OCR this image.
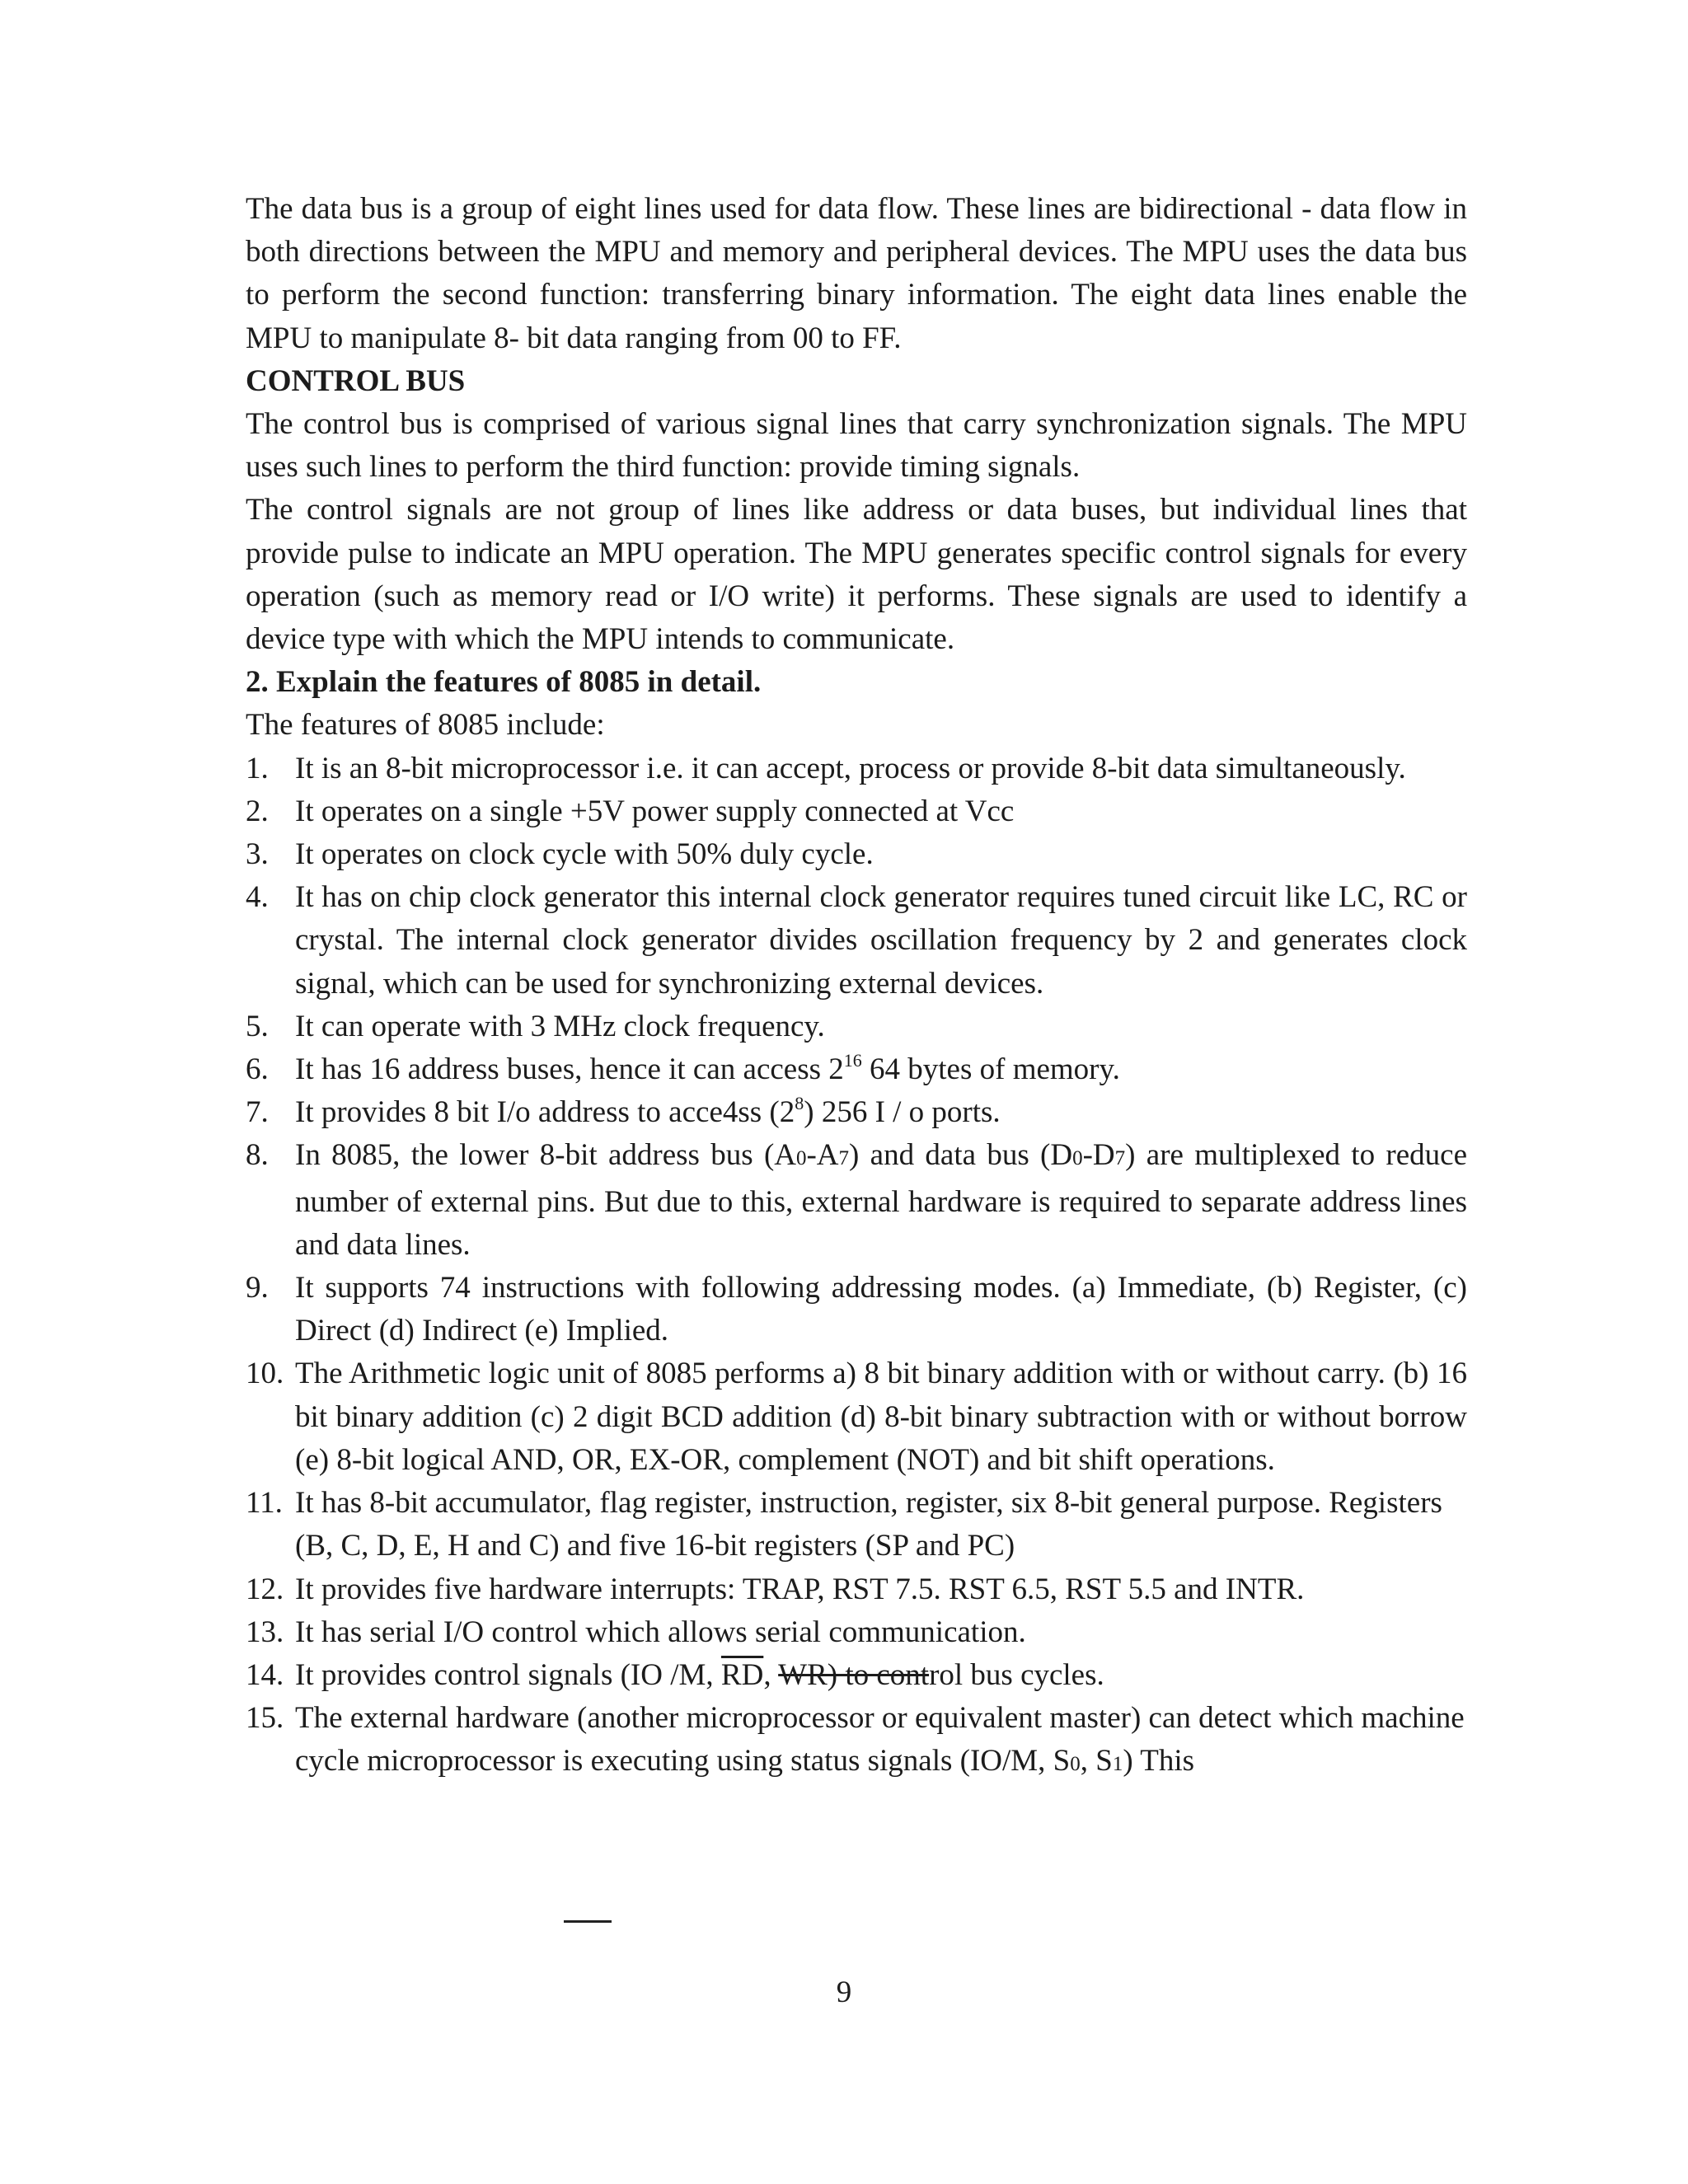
The data bus is a group of eight lines used for data flow. These lines are bidirectional - data flow in both directions between the MPU and memory and peripheral devices. The MPU uses the data bus to perform the second function: transferring binary information. The eight data lines enable the MPU to manipulate 8- bit data ranging from 00 to FF.

CONTROL BUS

The control bus is comprised of various signal lines that carry synchronization signals. The MPU uses such lines to perform the third function: provide timing signals.

The control signals are not group of lines like address or data buses, but individual lines that provide pulse to indicate an MPU operation. The MPU generates specific control signals for every operation (such as memory read or I/O write) it performs. These signals are used to identify a device type with which the MPU intends to communicate.

2. Explain the features of 8085 in detail.

The features of 8085 include:

1. It is an 8-bit microprocessor i.e. it can accept, process or provide 8-bit data simultaneously.
2. It operates on a single +5V power supply connected at Vcc
3. It operates on clock cycle with 50% duly cycle.
4. It has on chip clock generator this internal clock generator requires tuned circuit like LC, RC or crystal. The internal clock generator divides oscillation frequency by 2 and generates clock signal, which can be used for synchronizing external devices.
5. It can operate with 3 MHz clock frequency.
6. It has 16 address buses, hence it can access $2^{16}$ 64 bytes of memory.
7. It provides 8 bit I/o address to acce4ss $(2^8)$ 256 I / o ports.
8. In 8085, the lower 8-bit address bus (A0-A7) and data bus (D0-D7) are multiplexed to reduce number of external pins. But due to this, external hardware is required to separate address lines and data lines.
9. It supports 74 instructions with following addressing modes. (a) Immediate, (b) Register, (c) Direct (d) Indirect (e) Implied.
10. The Arithmetic logic unit of 8085 performs a) 8 bit binary addition with or without carry. (b) 16 bit binary addition (c) 2 digit BCD addition (d) 8-bit binary subtraction with or without borrow (e) 8-bit logical AND, OR, EX-OR, complement (NOT) and bit shift operations.
11. It has 8-bit accumulator, flag register, instruction, register, six 8-bit general purpose. Registers (B, C, D, E, H and C) and five 16-bit registers (SP and PC)
12. It provides five hardware interrupts: TRAP, RST 7.5. RST 6.5, RST 5.5 and INTR.
13. It has serial I/O control which allows serial communication.
14. It provides control signals (IO /M, $\overline{RD}$, WR) to control bus cycles.
15. The external hardware (another microprocessor or equivalent master) can detect which machine cycle microprocessor is executing using status signals (IO/M, S0, S1) This
9
